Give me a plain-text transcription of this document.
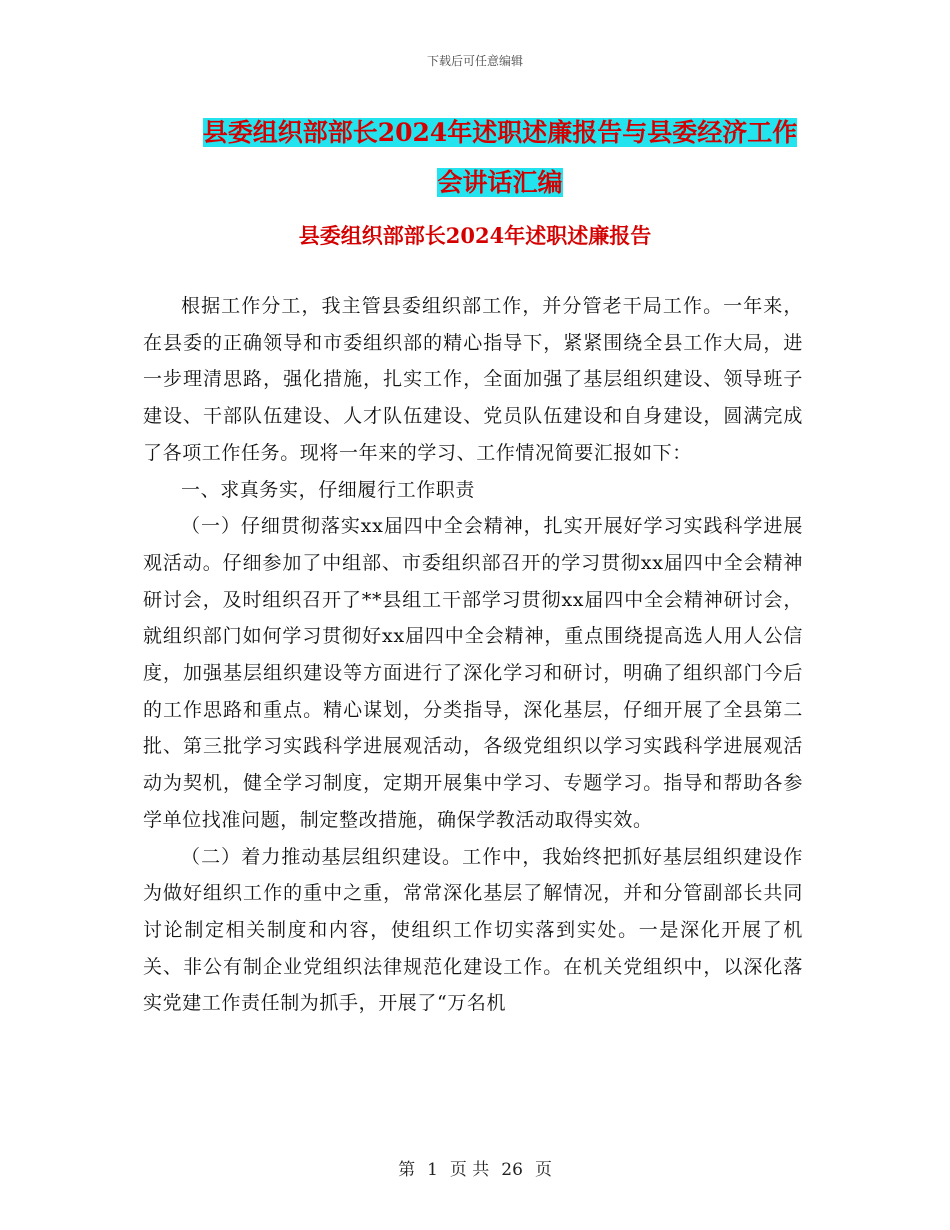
下载后可任意编辑
县委组织部部长2024年述职述廉报告与县委经济工作
会讲话汇编
县委组织部部长2024年述职述廉报告

根据工作分工，我主管县委组织部工作，并分管老干局工作。一年来，在县委的正确领导和市委组织部的精心指导下，紧紧围绕全县工作大局，进一步理清思路，强化措施，扎实工作，全面加强了基层组织建设、领导班子建设、干部队伍建设、人才队伍建设、党员队伍建设和自身建设，圆满完成了各项工作任务。现将一年来的学习、工作情况简要汇报如下：

一、求真务实，仔细履行工作职责

（一）仔细贯彻落实xx届四中全会精神，扎实开展好学习实践科学进展观活动。仔细参加了中组部、市委组织部召开的学习贯彻xx届四中全会精神研讨会，及时组织召开了**县组工干部学习贯彻xx届四中全会精神研讨会，就组织部门如何学习贯彻好xx届四中全会精神，重点围绕提高选人用人公信度，加强基层组织建设等方面进行了深化学习和研讨，明确了组织部门今后的工作思路和重点。精心谋划，分类指导，深化基层，仔细开展了全县第二批、第三批学习实践科学进展观活动，各级党组织以学习实践科学进展观活动为契机，健全学习制度，定期开展集中学习、专题学习。指导和帮助各参学单位找准问题，制定整改措施，确保学教活动取得实效。

（二）着力推动基层组织建设。工作中，我始终把抓好基层组织建设作为做好组织工作的重中之重，常常深化基层了解情况，并和分管副部长共同讨论制定相关制度和内容，使组织工作切实落到实处。一是深化开展了机关、非公有制企业党组织法律规范化建设工作。在机关党组织中，以深化落实党建工作责任制为抓手，开展了“万名机

第 1 页 共 26 页
